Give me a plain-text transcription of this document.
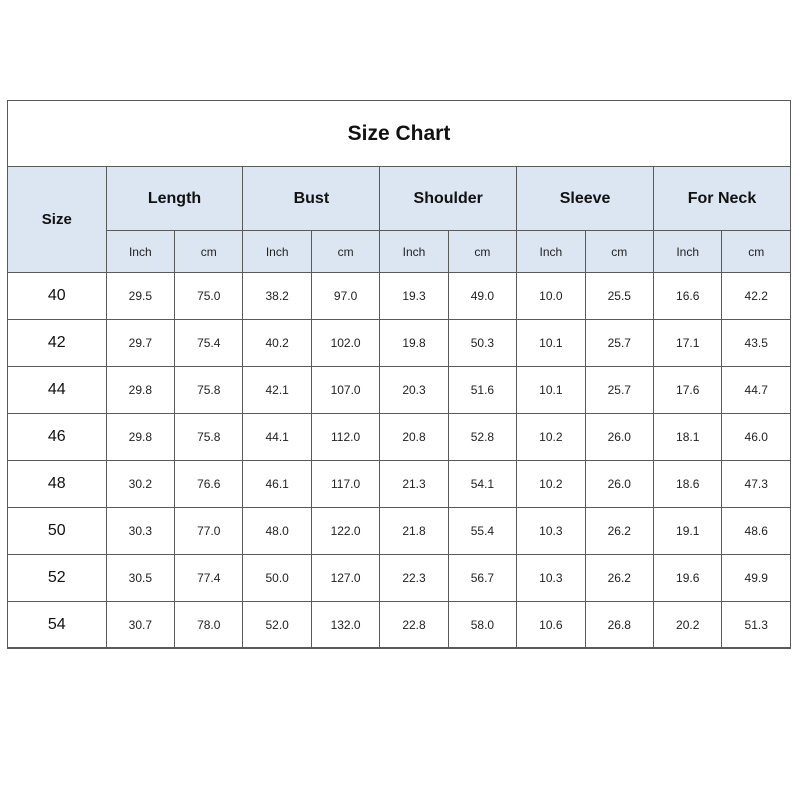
Size Chart										
Size	Length		Bust		Shoulder		Sleeve		For Neck	
	Inch	cm	Inch	cm	Inch	cm	Inch	cm	Inch	cm
40	29.5	75.0	38.2	97.0	19.3	49.0	10.0	25.5	16.6	42.2
42	29.7	75.4	40.2	102.0	19.8	50.3	10.1	25.7	17.1	43.5
44	29.8	75.8	42.1	107.0	20.3	51.6	10.1	25.7	17.6	44.7
46	29.8	75.8	44.1	112.0	20.8	52.8	10.2	26.0	18.1	46.0
48	30.2	76.6	46.1	117.0	21.3	54.1	10.2	26.0	18.6	47.3
50	30.3	77.0	48.0	122.0	21.8	55.4	10.3	26.2	19.1	48.6
52	30.5	77.4	50.0	127.0	22.3	56.7	10.3	26.2	19.6	49.9
54	30.7	78.0	52.0	132.0	22.8	58.0	10.6	26.8	20.2	51.3
